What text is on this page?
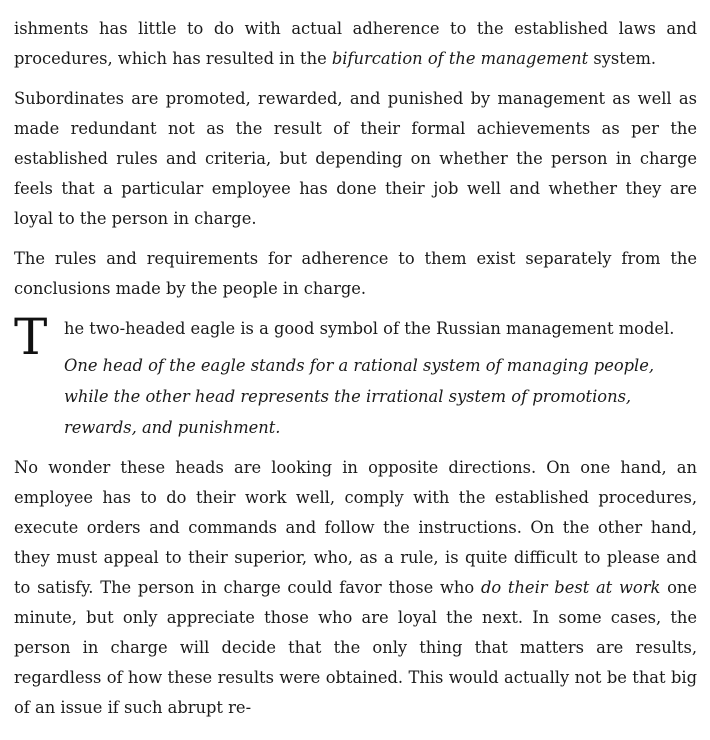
ishments has little to do with actual adherence to the established laws and procedures, which has resulted in the bifurcation of the management system.

Subordinates are promoted, rewarded, and punished by management as well as made redundant not as the result of their formal achievements as per the established rules and criteria, but depending on whether the person in charge feels that a particular employee has done their job well and whether they are loyal to the person in charge.

The rules and requirements for adherence to them exist separately from the conclusions made by the people in charge.

T	he two-headed eagle is a good symbol of the Russian management model.

One head of the eagle stands for a rational system of managing people, while the other head represents the irrational system of promotions, rewards, and punishment.

No wonder these heads are looking in opposite directions. On one hand, an employee has to do their work well, comply with the established procedures, execute orders and commands and follow the instructions. On the other hand, they must appeal to their superior, who, as a rule, is quite difficult to please and to satisfy. The person in charge could favor those who do their best at work one minute, but only appreciate those who are loyal the next. In some cases, the person in charge will decide that the only thing that matters are results, regardless of how these results were obtained. This would actually not be that big of an issue if such abrupt re-
